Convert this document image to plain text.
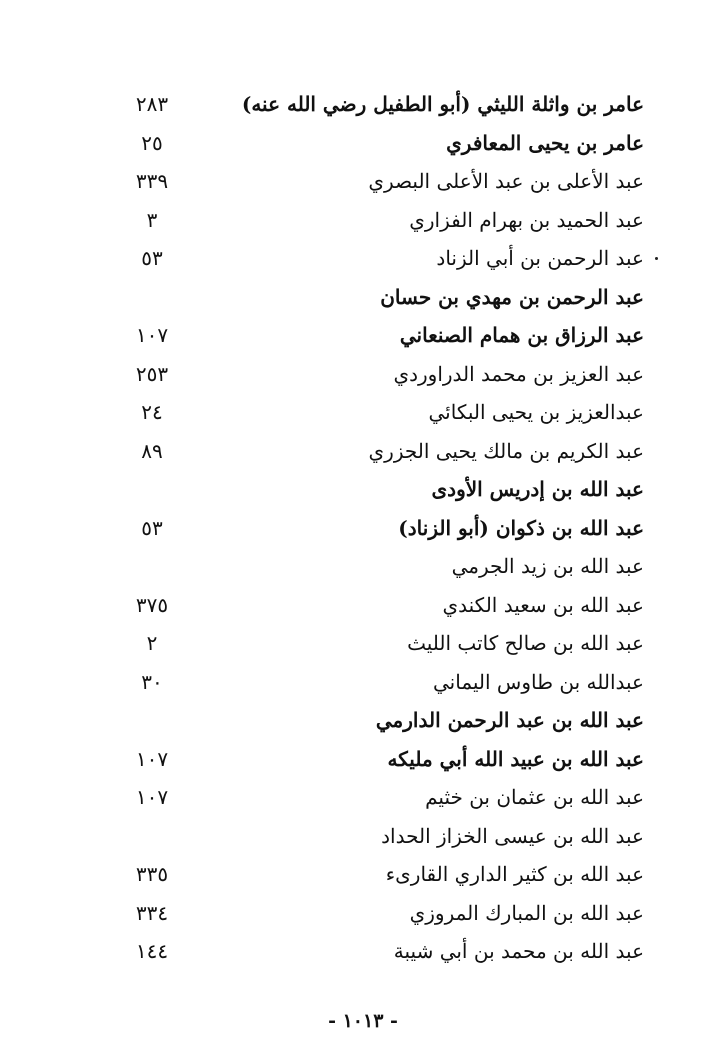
عامر بن واثلة الليثي (أبو الطفيل رضي الله عنه)
٢٨٣
عامر بن يحيى المعافري
٢٥
عبد الأعلى بن عبد الأعلى البصري
٣٣٩
عبد الحميد بن بهرام الفزاري
٣
عبد الرحمن بن أبي الزناد
٥٣
عبد الرحمن بن مهدي بن حسان
عبد الرزاق بن همام الصنعاني
١٠٧
عبد العزيز بن محمد الدراوردي
٢٥٣
عبدالعزيز بن يحيى البكائي
٢٤
عبد الكريم بن مالك يحيى الجزري
٨٩
عبد الله بن إدريس الأودى
عبد الله بن ذكوان (أبو الزناد)
٥٣
عبد الله بن زيد الجرمي
عبد الله بن سعيد الكندي
٣٧٥
عبد الله بن صالح كاتب الليث
٢
عبدالله بن طاوس اليماني
٣٠
عبد الله بن عبد الرحمن الدارمي
عبد الله بن عبيد الله أبي مليكه
١٠٧
عبد الله بن عثمان بن خثيم
١٠٧
عبد الله بن عيسى الخزاز الحداد
عبد الله بن كثير الداري القارىء
٣٣٥
عبد الله بن المبارك المروزي
٣٣٤
عبد الله بن محمد بن أبي شيبة
١٤٤
- ١٠١٣ -
